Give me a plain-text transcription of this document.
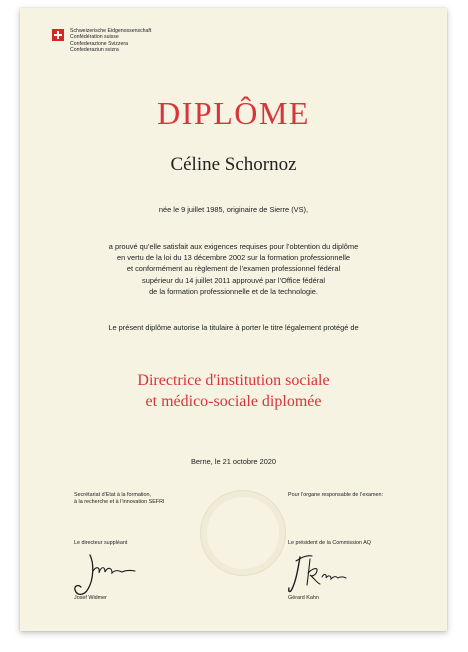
Schweizerische Eidgenossenschaft
Confédération suisse
Confederazione Svizzera
Confederaziun svizra
DIPLÔME
Céline Schornoz
née le 9 juillet 1985, originaire de Sierre (VS),
a prouvé qu’elle satisfait aux exigences requises pour l’obtention du diplôme
en vertu de la loi du 13 décembre 2002 sur la formation professionnelle
et conformément au règlement de l’examen professionnel fédéral
supérieur du 14 juillet 2011 approuvé par l’Office fédéral
de la formation professionnelle et de la technologie.
Le présent diplôme autorise la titulaire à porter le titre légalement protégé de
Directrice d'institution sociale
et médico-sociale diplomée
Berne, le 21 octobre 2020
Secrétariat d’Etat à la formation,
à la recherche et à l’innovation SEFRI
Le directeur suppléant
Josef Widmer
Pour l’organe responsable de l’examen:
Le président de la Commission AQ
Gérard Kahn
